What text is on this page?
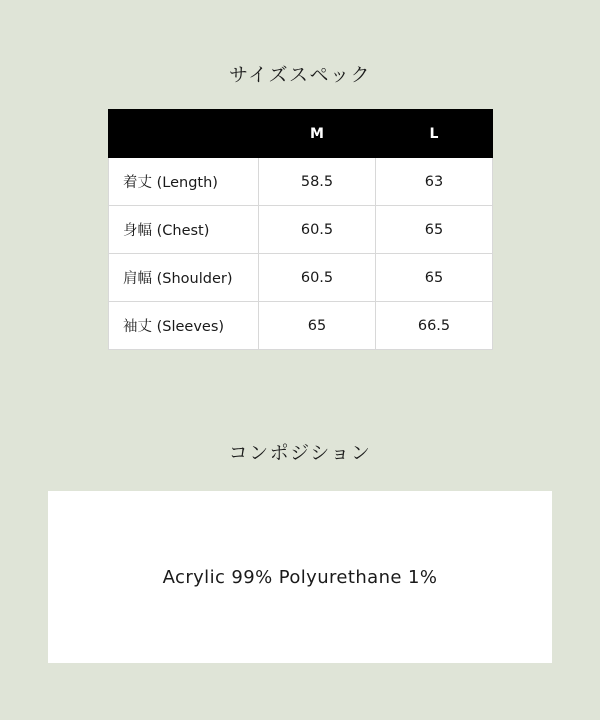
サイズスペック
	M	L
着丈 (Length)	58.5	63
身幅 (Chest)	60.5	65
肩幅 (Shoulder)	60.5	65
袖丈 (Sleeves)	65	66.5
コンポジション
Acrylic 99% Polyurethane 1%
